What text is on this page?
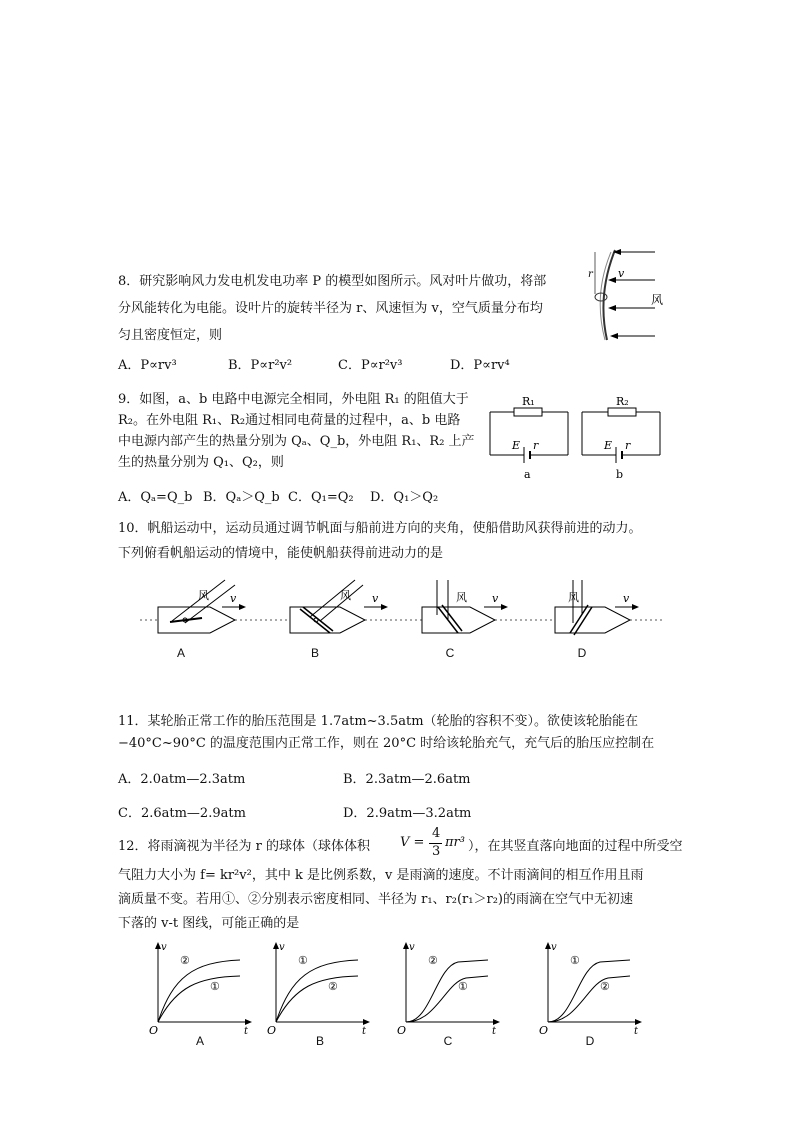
8．研究影响风力发电机发电功率 P 的模型如图所示。风对叶片做功，将部
分风能转化为电能。设叶片的旋转半径为 r、风速恒为 v，空气质量分布均
匀且密度恒定，则
A．P∝rv³	B．P∝r²v²	C．P∝r²v³	D．P∝rv⁴
r v
风
9．如图，a、b 电路中电源完全相同，外电阻 R₁ 的阻值大于
R₂。在外电阻 R₁、R₂通过相同电荷量的过程中，a、b 电路
中电源内部产生的热量分别为 Qₐ、Q_b，外电阻 R₁、R₂ 上产
生的热量分别为 Q₁、Q₂，则
A．Qₐ=Q_b B．Qₐ＞Q_b C．Q₁=Q₂ D．Q₁＞Q₂
R₁
E r
a
R₂
E r
b
10．帆船运动中，运动员通过调节帆面与船前进方向的夹角，使船借助风获得前进的动力。
下列俯看帆船运动的情境中，能使帆船获得前进动力的是
风 v	风 v	风 v	风	v
A	B	C	D
11．某轮胎正常工作的胎压范围是 1.7atm~3.5atm（轮胎的容积不变）。欲使该轮胎能在
−40°C~90°C 的温度范围内正常工作，则在 20°C 时给该轮胎充气，充气后的胎压应控制在
A．2.0atm—2.3atm	B．2.3atm—2.6atm
C．2.6atm—2.9atm	D．2.9atm—3.2atm
12．将雨滴视为半径为 r 的球体（球体体积 V =
4
3
πr³ ），在其竖直落向地面的过程中所受空
气阻力大小为 f= kr²v²，其中 k 是比例系数，v 是雨滴的速度。不计雨滴间的相互作用且雨
滴质量不变。若用①、②分别表示密度相同、半径为 r₁、r₂(r₁＞r₂)的雨滴在空气中无初速
下落的 v-t 图线，可能正确的是
②
①
v
t
O
①
②
v
t
O
②
①
v
t
O
①
②
v
t
O
A	B	C	D
